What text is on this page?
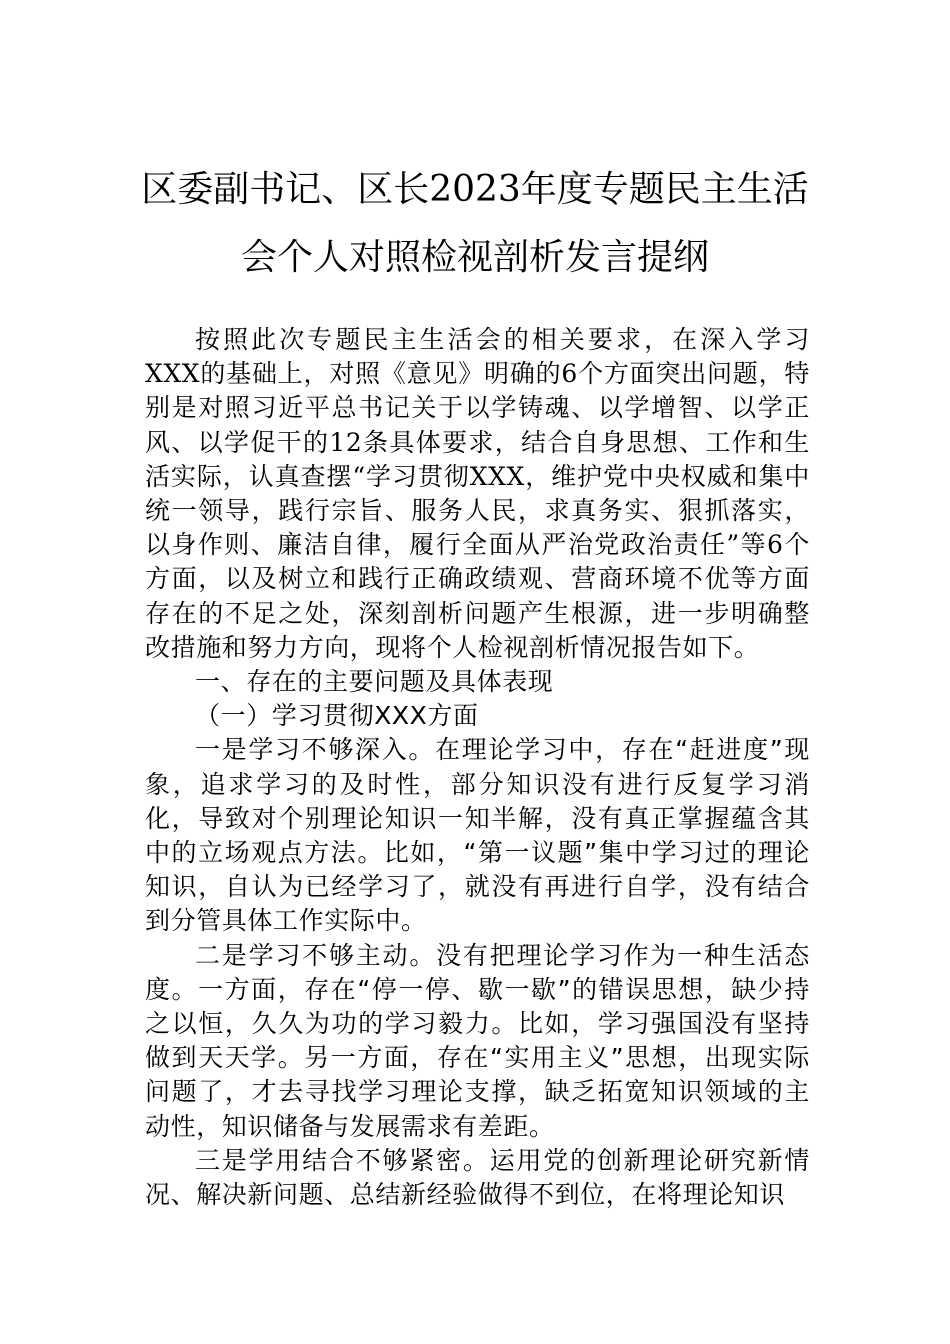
区委副书记、区长2023年度专题民主生活
会个人对照检视剖析发言提纲

按照此次专题民主生活会的相关要求，在深入学习XXX的基础上，对照《意见》明确的6个方面突出问题，特别是对照习近平总书记关于以学铸魂、以学增智、以学正风、以学促干的12条具体要求，结合自身思想、工作和生活实际，认真查摆“学习贯彻XXX，维护党中央权威和集中统一领导，践行宗旨、服务人民，求真务实、狠抓落实，以身作则、廉洁自律，履行全面从严治党政治责任”等6个方面，以及树立和践行正确政绩观、营商环境不优等方面存在的不足之处，深刻剖析问题产生根源，进一步明确整改措施和努力方向，现将个人检视剖析情况报告如下。

一、存在的主要问题及具体表现

（一）学习贯彻XXX方面

一是学习不够深入。在理论学习中，存在“赶进度”现象，追求学习的及时性，部分知识没有进行反复学习消化，导致对个别理论知识一知半解，没有真正掌握蕴含其中的立场观点方法。比如，“第一议题”集中学习过的理论知识，自认为已经学习了，就没有再进行自学，没有结合到分管具体工作实际中。

二是学习不够主动。没有把理论学习作为一种生活态度。一方面，存在“停一停、歇一歇”的错误思想，缺少持之以恒，久久为功的学习毅力。比如，学习强国没有坚持做到天天学。另一方面，存在“实用主义”思想，出现实际问题了，才去寻找学习理论支撑，缺乏拓宽知识领域的主动性，知识储备与发展需求有差距。

三是学用结合不够紧密。运用党的创新理论研究新情况、解决新问题、总结新经验做得不到位，在将理论知识
